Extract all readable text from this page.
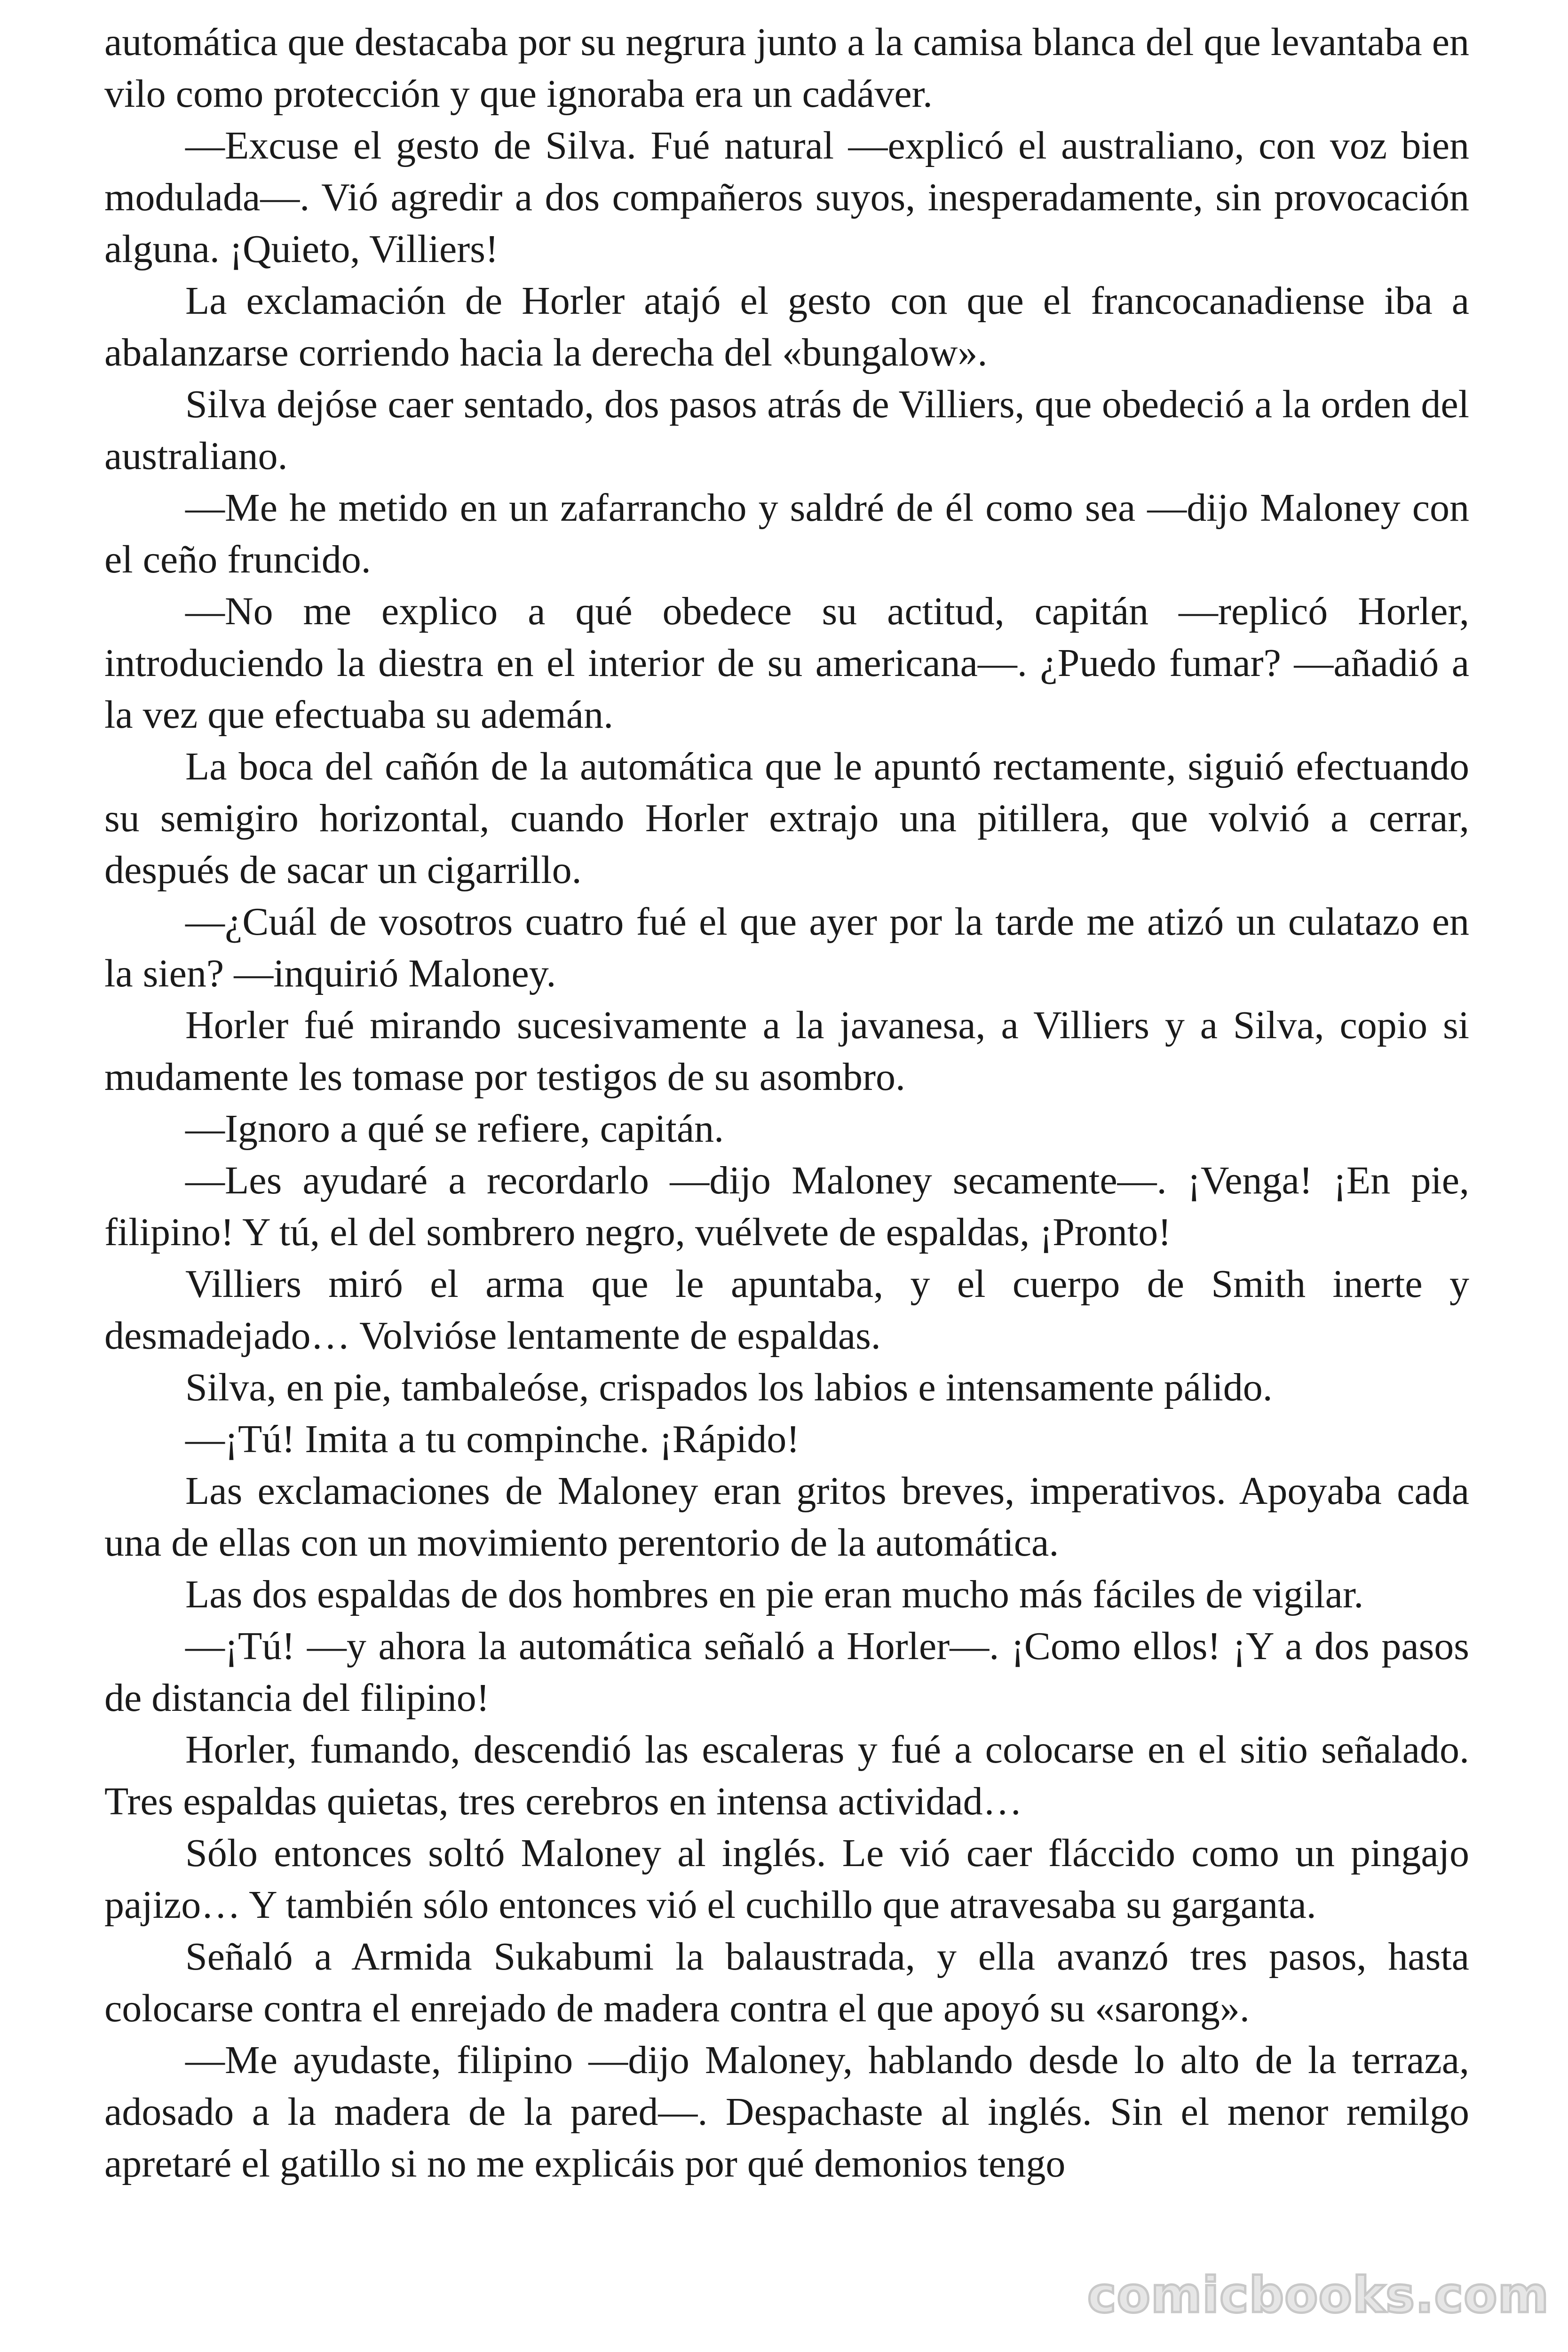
automática que destacaba por su negrura junto a la camisa blanca del que levantaba en vilo como protección y que ignoraba era un cadáver.

—Excuse el gesto de Silva. Fué natural —explicó el australiano, con voz bien modulada—. Vió agredir a dos compañeros suyos, inesperadamente, sin provocación alguna. ¡Quieto, Villiers!

La exclamación de Horler atajó el gesto con que el francocanadiense iba a abalanzarse corriendo hacia la derecha del «bungalow».

Silva dejóse caer sentado, dos pasos atrás de Villiers, que obedeció a la orden del australiano.

—Me he metido en un zafarrancho y saldré de él como sea —dijo Maloney con el ceño fruncido.

—No me explico a qué obedece su actitud, capitán —replicó Horler, introduciendo la diestra en el interior de su americana—. ¿Puedo fumar? —añadió a la vez que efectuaba su ademán.

La boca del cañón de la automática que le apuntó rectamente, siguió efectuando su semigiro horizontal, cuando Horler extrajo una pitillera, que volvió a cerrar, después de sacar un cigarrillo.

—¿Cuál de vosotros cuatro fué el que ayer por la tarde me atizó un culatazo en la sien? —inquirió Maloney.

Horler fué mirando sucesivamente a la javanesa, a Villiers y a Silva, copio si mudamente les tomase por testigos de su asombro.

—Ignoro a qué se refiere, capitán.

—Les ayudaré a recordarlo —dijo Maloney secamente—. ¡Venga! ¡En pie, filipino! Y tú, el del sombrero negro, vuélvete de espaldas, ¡Pronto!

Villiers miró el arma que le apuntaba, y el cuerpo de Smith inerte y desmadejado… Volvióse lentamente de espaldas.

Silva, en pie, tambaleóse, crispados los labios e intensamente pálido.

—¡Tú! Imita a tu compinche. ¡Rápido!

Las exclamaciones de Maloney eran gritos breves, imperativos. Apoyaba cada una de ellas con un movimiento perentorio de la automática.

Las dos espaldas de dos hombres en pie eran mucho más fáciles de vigilar.

—¡Tú! —y ahora la automática señaló a Horler—. ¡Como ellos! ¡Y a dos pasos de distancia del filipino!

Horler, fumando, descendió las escaleras y fué a colocarse en el sitio señalado. Tres espaldas quietas, tres cerebros en intensa actividad…

Sólo entonces soltó Maloney al inglés. Le vió caer fláccido como un pingajo pajizo… Y también sólo entonces vió el cuchillo que atravesaba su garganta.

Señaló a Armida Sukabumi la balaustrada, y ella avanzó tres pasos, hasta colocarse contra el enrejado de madera contra el que apoyó su «sarong».

—Me ayudaste, filipino —dijo Maloney, hablando desde lo alto de la terraza, adosado a la madera de la pared—. Despachaste al inglés. Sin el menor remilgo apretaré el gatillo si no me explicáis por qué demonios tengo

comicbooks.com
